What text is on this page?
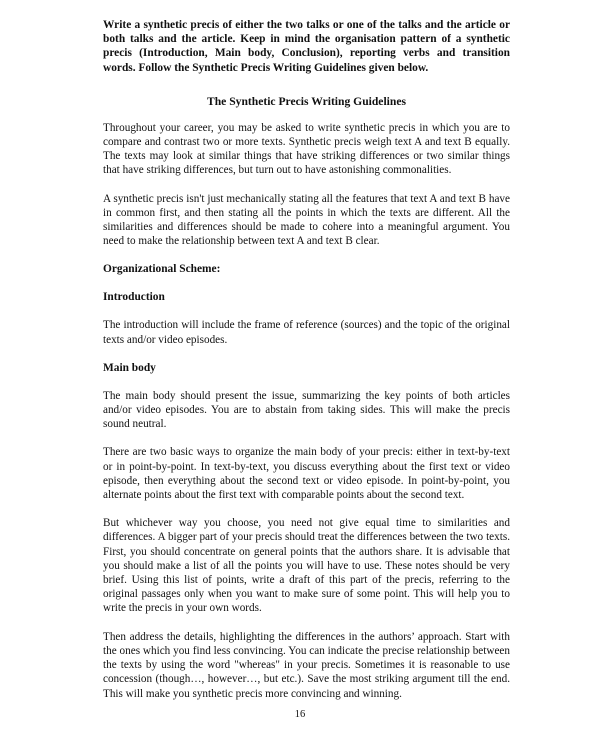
Write a synthetic precis of either the two talks or one of the talks and the article or both talks and the article. Keep in mind the organisation pattern of a synthetic precis (Introduction, Main body, Conclusion), reporting verbs and transition words. Follow the Synthetic Precis Writing Guidelines given below.

The Synthetic Precis Writing Guidelines

Throughout your career, you may be asked to write synthetic precis in which you are to compare and contrast two or more texts. Synthetic precis weigh text A and text B equally. The texts may look at similar things that have striking differences or two similar things that have striking differences, but turn out to have astonishing commonalities.

A synthetic precis isn't just mechanically stating all the features that text A and text B have in common first, and then stating all the points in which the texts are different. All the similarities and differences should be made to cohere into a meaningful argument. You need to make the relationship between text A and text B clear.

Organizational Scheme:

Introduction

The introduction will include the frame of reference (sources) and the topic of the original texts and/or video episodes.

Main body

The main body should present the issue, summarizing the key points of both articles and/or video episodes. You are to abstain from taking sides. This will make the precis sound neutral.

There are two basic ways to organize the main body of your precis: either in text-by-text or in point-by-point. In text-by-text, you discuss everything about the first text or video episode, then everything about the second text or video episode. In point-by-point, you alternate points about the first text with comparable points about the second text.

But whichever way you choose, you need not give equal time to similarities and differences. A bigger part of your precis should treat the differences between the two texts. First, you should concentrate on general points that the authors share. It is advisable that you should make a list of all the points you will have to use. These notes should be very brief. Using this list of points, write a draft of this part of the precis, referring to the original passages only when you want to make sure of some point. This will help you to write the precis in your own words.

Then address the details, highlighting the differences in the authors’ approach. Start with the ones which you find less convincing. You can indicate the precise relationship between the texts by using the word "whereas" in your precis. Sometimes it is reasonable to use concession (though…, however…, but etc.). Save the most striking argument till the end. This will make you synthetic precis more convincing and winning.

16
